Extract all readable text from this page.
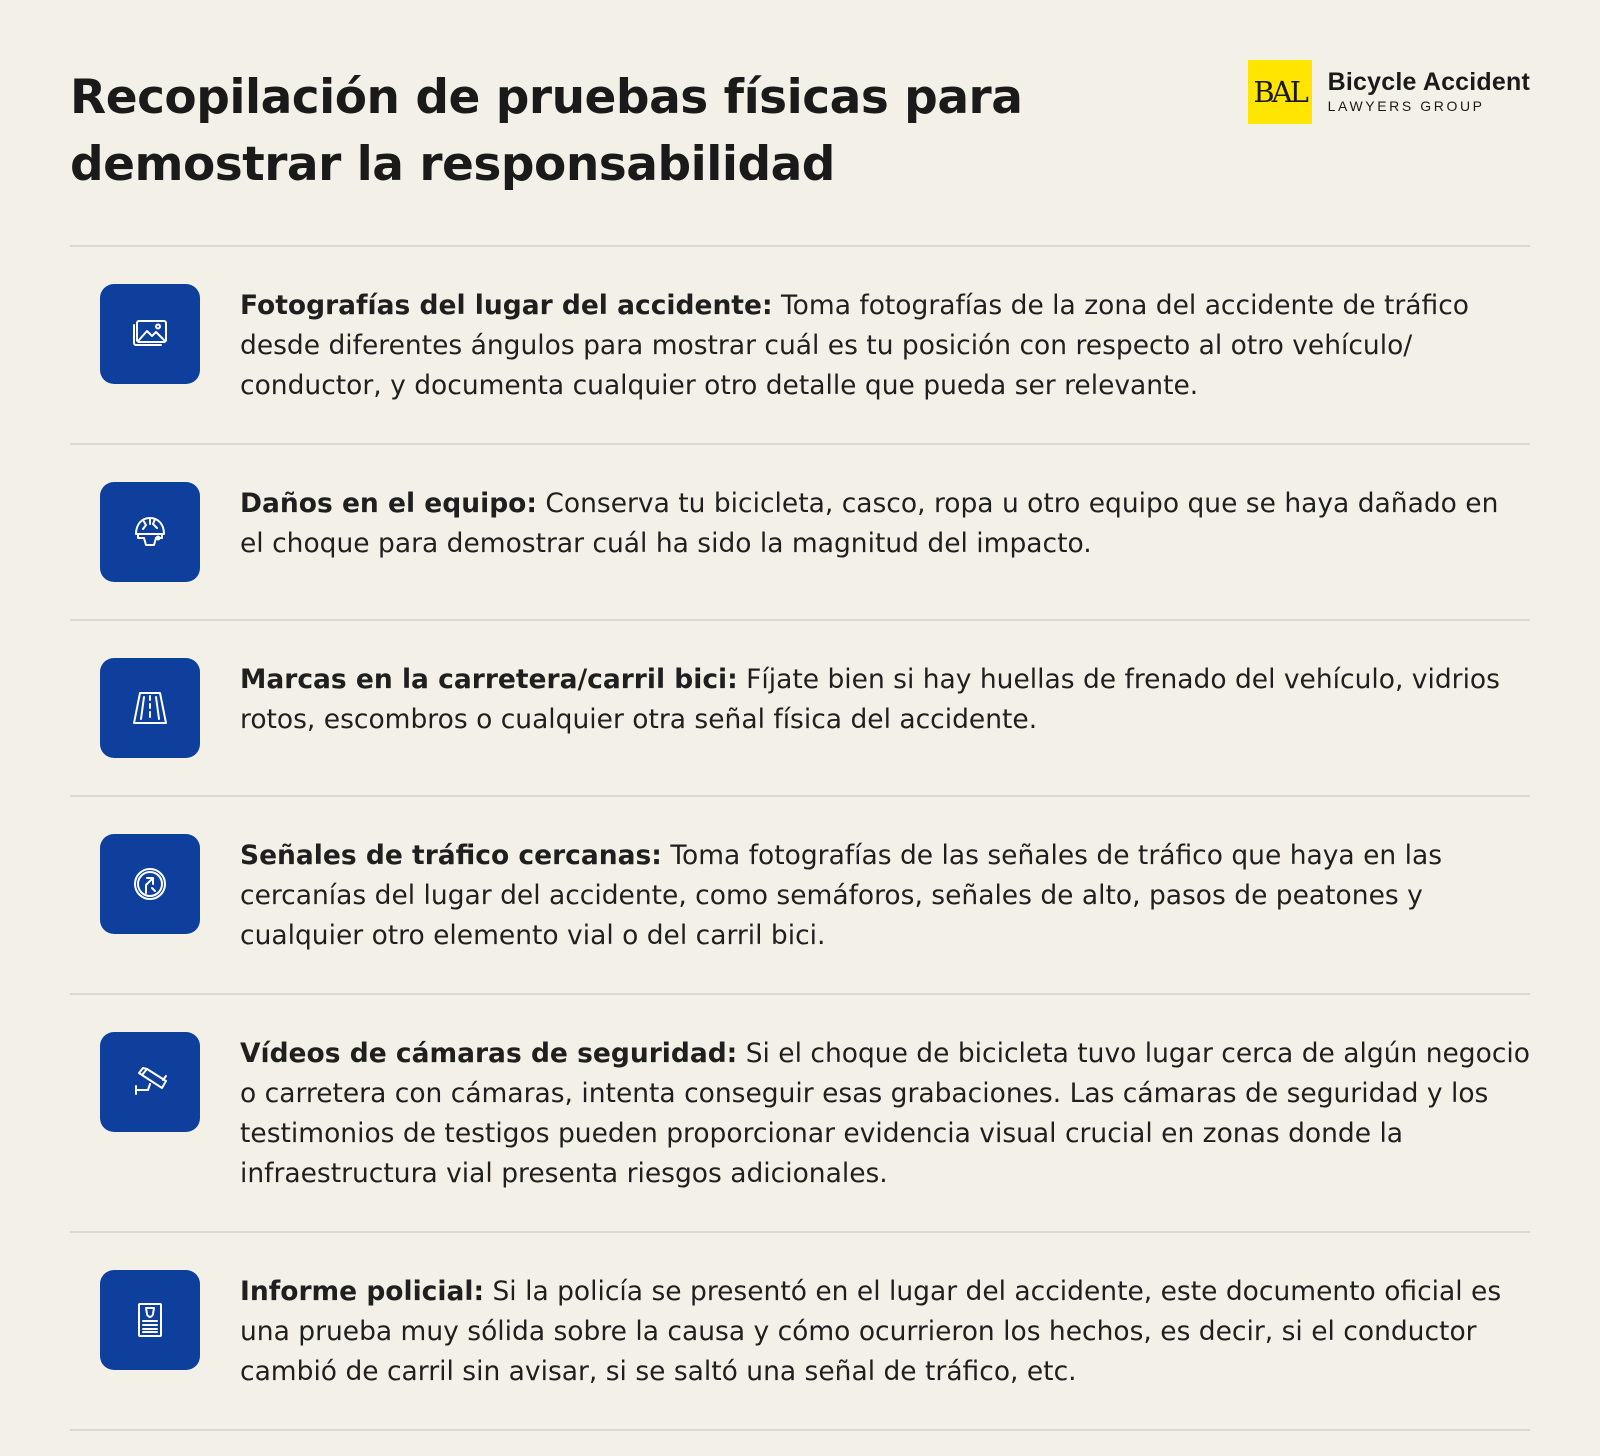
Recopilación de pruebas físicas para
demostrar la responsabilidad
BAL Bicycle Accident
LAWYERS GROUP
Fotografías del lugar del accidente: Toma fotografías de la zona del accidente de tráfico desde diferentes ángulos para mostrar cuál es tu posición con respecto al otro vehículo/ conductor, y documenta cualquier otro detalle que pueda ser relevante.
Daños en el equipo: Conserva tu bicicleta, casco, ropa u otro equipo que se haya dañado en el choque para demostrar cuál ha sido la magnitud del impacto.
Marcas en la carretera/carril bici: Fíjate bien si hay huellas de frenado del vehículo, vidrios rotos, escombros o cualquier otra señal física del accidente.
Señales de tráfico cercanas: Toma fotografías de las señales de tráfico que haya en las cercanías del lugar del accidente, como semáforos, señales de alto, pasos de peatones y cualquier otro elemento vial o del carril bici.
Vídeos de cámaras de seguridad: Si el choque de bicicleta tuvo lugar cerca de algún negocio o carretera con cámaras, intenta conseguir esas grabaciones. Las cámaras de seguridad y los testimonios de testigos pueden proporcionar evidencia visual crucial en zonas donde la infraestructura vial presenta riesgos adicionales.
Informe policial: Si la policía se presentó en el lugar del accidente, este documento oficial es una prueba muy sólida sobre la causa y cómo ocurrieron los hechos, es decir, si el conductor cambió de carril sin avisar, si se saltó una señal de tráfico, etc.
